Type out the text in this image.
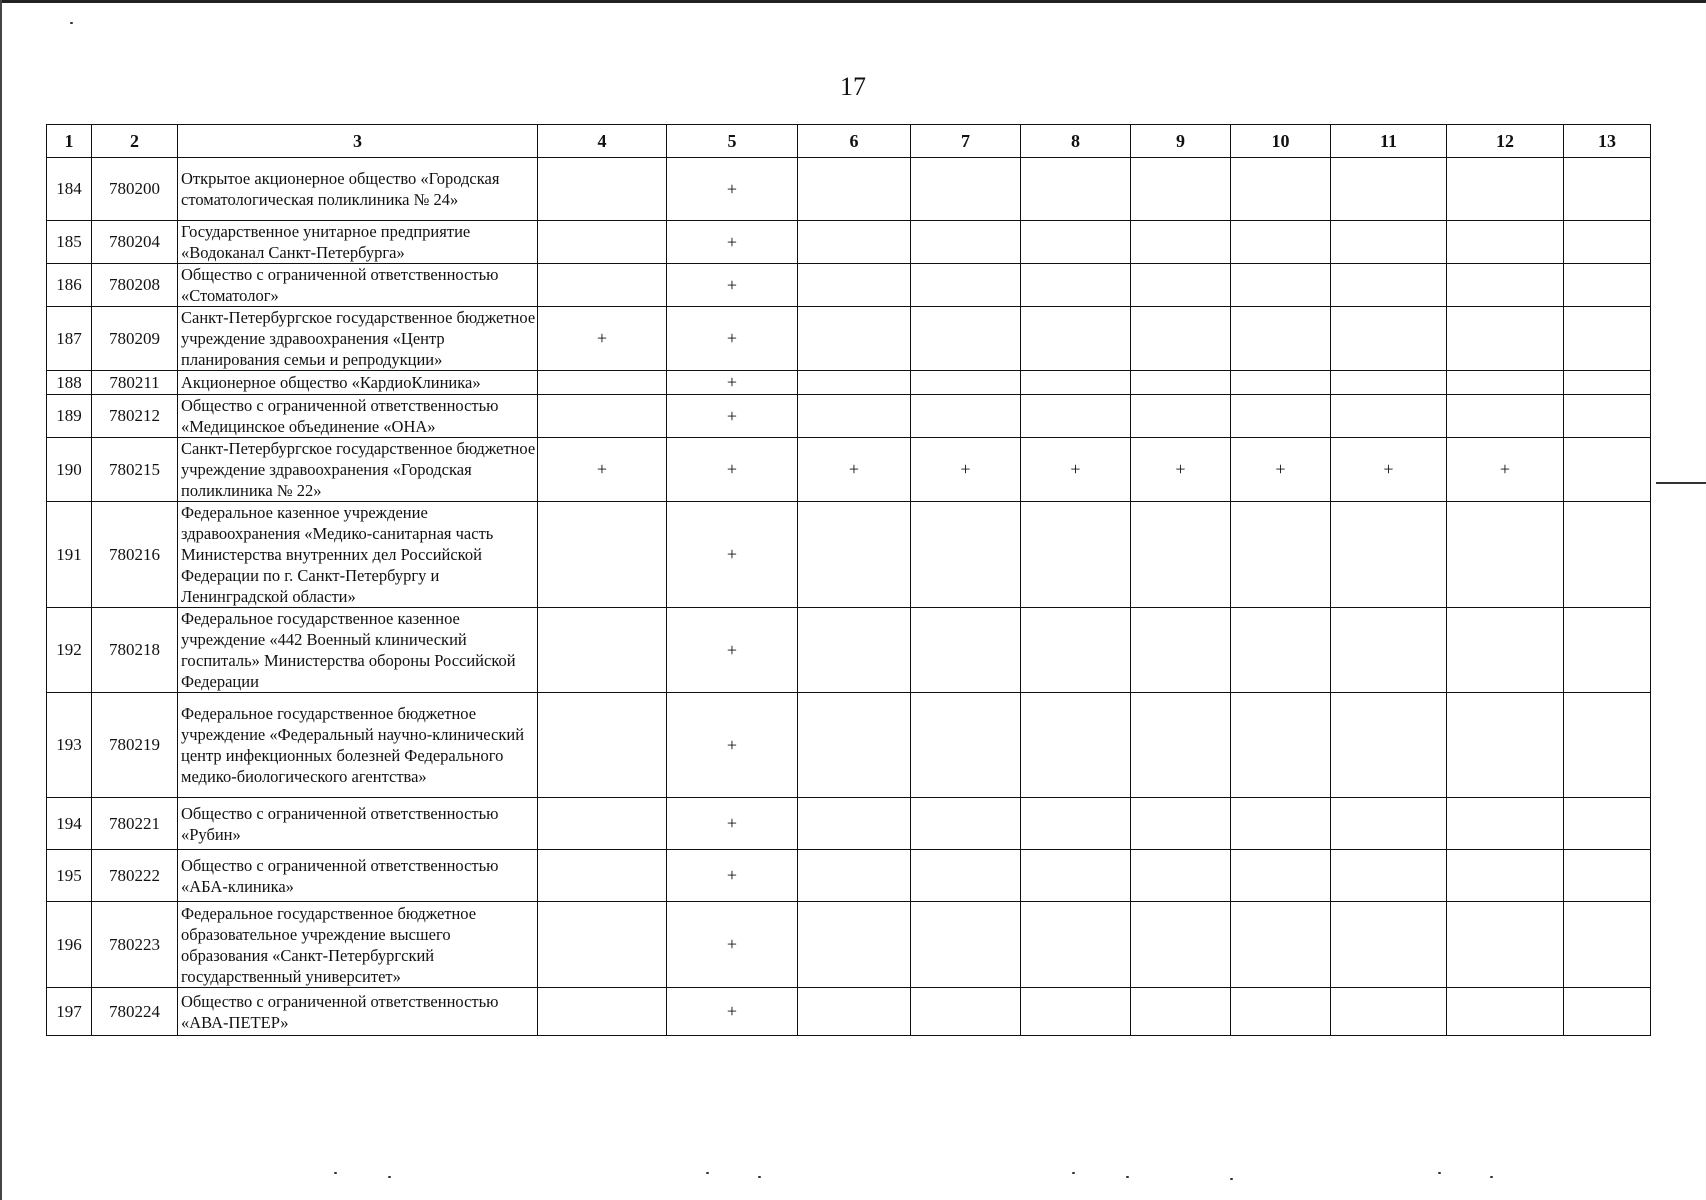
17
1	2	3	4	5	6	7	8	9	10	11	12	13
184	780200	Открытое акционерное общество «Городская стоматологическая поликлиника № 24»		+								
185	780204	Государственное унитарное предприятие «Водоканал Санкт-Петербурга»		+								
186	780208	Общество с ограниченной ответственностью «Стоматолог»		+								
187	780209	Санкт-Петербургское государственное бюджетное учреждение здравоохранения «Центр планирования семьи и репродукции»	+	+								
188	780211	Акционерное общество «КардиоКлиника»		+								
189	780212	Общество с ограниченной ответственностью «Медицинское объединение «ОНА»		+								
190	780215	Санкт-Петербургское государственное бюджетное учреждение здравоохранения «Городская поликлиника № 22»	+	+	+	+	+	+	+	+	+	
191	780216	Федеральное казенное учреждение здравоохранения «Медико-санитарная часть Министерства внутренних дел Российской Федерации по г. Санкт-Петербургу и Ленинградской области»		+								
192	780218	Федеральное государственное казенное учреждение «442 Военный клинический госпиталь» Министерства обороны Российской Федерации		+								
193	780219	Федеральное государственное бюджетное учреждение «Федеральный научно-клинический центр инфекционных болезней Федерального медико-биологического агентства»		+								
194	780221	Общество с ограниченной ответственностью «Рубин»		+								
195	780222	Общество с ограниченной ответственностью «АБА-клиника»		+								
196	780223	Федеральное государственное бюджетное образовательное учреждение высшего образования «Санкт-Петербургский государственный университет»		+								
197	780224	Общество с ограниченной ответственностью «АВА-ПЕТЕР»		+								
